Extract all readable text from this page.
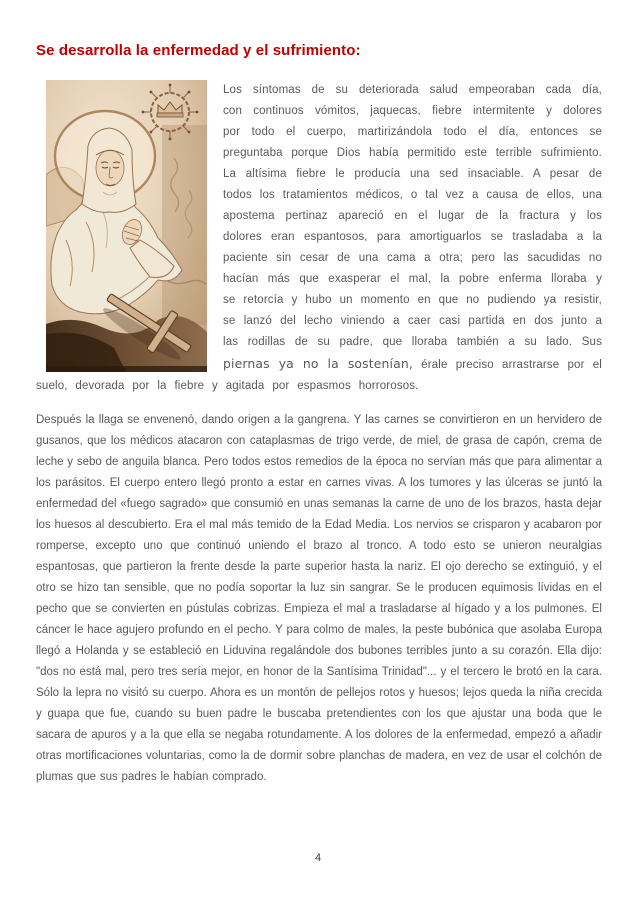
Se desarrolla la enfermedad y el sufrimiento:

Los síntomas de su deteriorada salud empeoraban cada día, con continuos vómitos, jaquecas, fiebre intermitente y dolores por todo el cuerpo, martirizándola todo el día, entonces se preguntaba porque Dios había permitido este terrible sufrimiento. La altísima fiebre le producía una sed insaciable. A pesar de todos los tratamientos médicos, o tal vez a causa de ellos, una apostema pertinaz apareció en el lugar de la fractura y los dolores eran espantosos, para amortiguarlos se trasladaba a la paciente sin cesar de una cama a otra; pero las sacudidas no hacían más que exasperar el mal, la pobre enferma lloraba y se retorcía y hubo un momento en que no pudiendo ya resistir, se lanzó del lecho viniendo a caer casi partida en dos junto a las rodillas de su padre, que lloraba también a su lado. Sus piernas ya no la sostenían, érale preciso arrastrarse por el suelo, devorada por la fiebre y agitada por espasmos horrorosos.

Después la llaga se envenenó, dando origen a la gangrena. Y las carnes se convirtieron en un hervidero de gusanos, que los médicos atacaron con cataplasmas de trigo verde, de miel, de grasa de capón, crema de leche y sebo de anguila blanca. Pero todos estos remedios de la época no servían más que para alimentar a los parásitos. El cuerpo entero llegó pronto a estar en carnes vivas. A los tumores y las úlceras se juntó la enfermedad del «fuego sagrado» que consumió en unas semanas la carne de uno de los brazos, hasta dejar los huesos al descubierto. Era el mal más temido de la Edad Media. Los nervios se crisparon y acabaron por romperse, excepto uno que continuó uniendo el brazo al tronco. A todo esto se unieron neuralgias espantosas, que partieron la frente desde la parte superior hasta la nariz. El ojo derecho se extinguió, y el otro se hizo tan sensible, que no podía soportar la luz sin sangrar. Se le producen equimosis lívidas en el pecho que se convierten en pústulas cobrizas. Empieza el mal a trasladarse al hígado y a los pulmones. El cáncer le hace agujero profundo en el pecho. Y para colmo de males, la peste bubónica que asolaba Europa llegó a Holanda y se estableció en Liduvina regalándole dos bubones terribles junto a su corazón. Ella dijo: "dos no está mal, pero tres sería mejor, en honor de la Santísima Trinidad"... y el tercero le brotó en la cara. Sólo la lepra no visitó su cuerpo. Ahora es un montón de pellejos rotos y huesos; lejos queda la niña crecida y guapa que fue, cuando su buen padre le buscaba pretendientes con los que ajustar una boda que le sacara de apuros y a la que ella se negaba rotundamente. A los dolores de la enfermedad, empezó a añadir otras mortificaciones voluntarias, como la de dormir sobre planchas de madera, en vez de usar el colchón de plumas que sus padres le habían comprado.

4
